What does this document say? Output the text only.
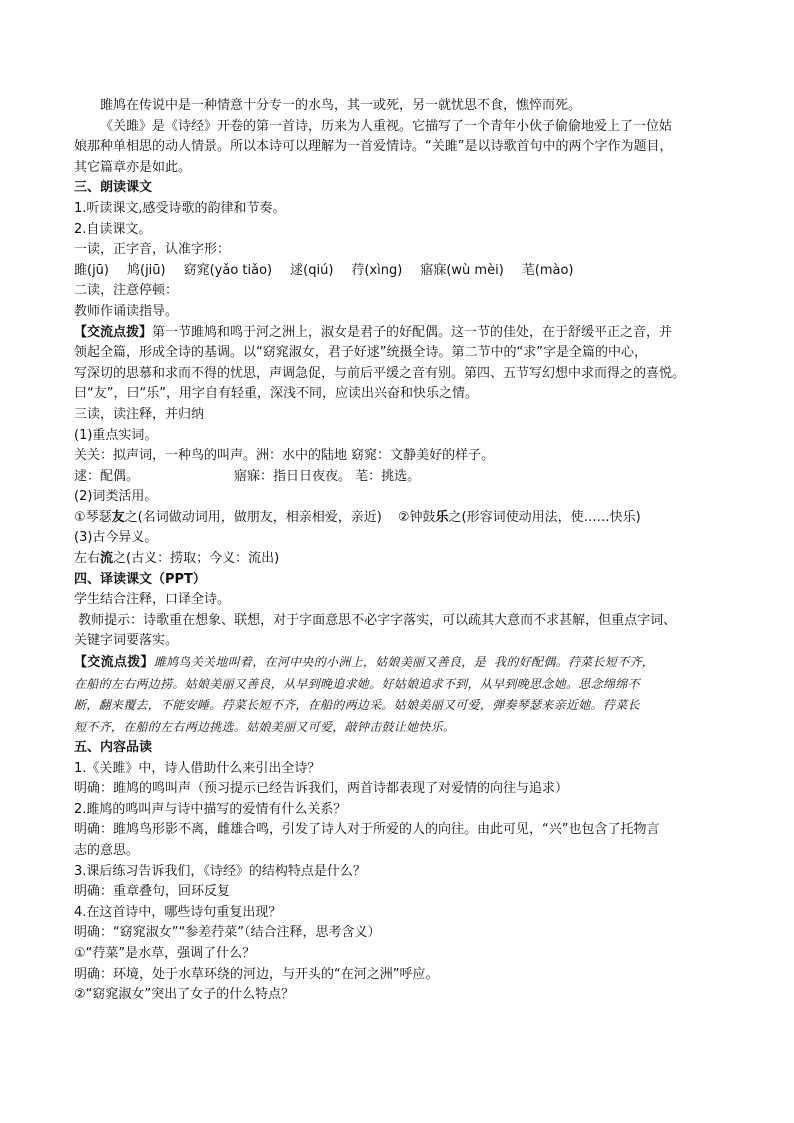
雎鸠在传说中是一种情意十分专一的水鸟，其一或死，另一就忧思不食，憔悴而死。
《关雎》是《诗经》开卷的第一首诗，历来为人重视。它描写了一个青年小伙子偷偷地爱上了一位姑
娘那种单相思的动人情景。所以本诗可以理解为一首爱情诗。“关雎”是以诗歌首句中的两个字作为题目，
其它篇章亦是如此。
三、朗读课文
1.听读课文,感受诗歌的韵律和节奏。
2.自读课文。
一读，正字音，认准字形：
雎(jū) 鸠(jiū) 窈窕(yǎo tiǎo) 逑(qiú) 荇(xìng) 寤寐(wù mèi) 芼(mào)
二读，注意停顿：
教师作诵读指导。
【交流点拨】第一节雎鸠和鸣于河之洲上，淑女是君子的好配偶。这一节的佳处，在于舒缓平正之音，并
领起全篇，形成全诗的基调。以“窈窕淑女，君子好逑”统摄全诗。第二节中的“求”字是全篇的中心，
写深切的思慕和求而不得的忧思，声调急促，与前后平缓之音有别。第四、五节写幻想中求而得之的喜悦。
曰“友”，曰“乐”，用字自有轻重，深浅不同，应读出兴奋和快乐之情。
三读，读注释，并归纳
(1)重点实词。
关关：拟声词，一种鸟的叫声。洲：水中的陆地 窈窕：文静美好的样子。
逑：配偶。	寤寐：指日日夜夜。 芼：挑选。
(2)词类活用。
①琴瑟友之(名词做动词用，做朋友，相亲相爱，亲近) ②钟鼓乐之(形容词使动用法，使……快乐)
(3)古今异义。
左右流之(古义：捞取；今义：流出)
四、译读课文（PPT）
学生结合注释，口译全诗。
教师提示：诗歌重在想象、联想，对于字面意思不必字字落实，可以疏其大意而不求甚解，但重点字词、
关键字词要落实。
【交流点拨】雎鸠鸟关关地叫着，在河中央的小洲上，姑娘美丽又善良，是  我的好配偶。荇菜长短不齐，
在船的左右两边捞。姑娘美丽又善良，从早到晚追求她。好姑娘追求不到，从早到晚思念她。思念绵绵不
断，翻来覆去，不能安睡。荇菜长短不齐，在船的两边采。姑娘美丽又可爱，弹奏琴瑟来亲近她。荇菜长
短不齐，在船的左右两边挑选。姑娘美丽又可爱，敲钟击鼓让她快乐。
五、内容品读
1.《关雎》中，诗人借助什么来引出全诗？
明确：雎鸠的鸣叫声（预习提示已经告诉我们，两首诗都表现了对爱情的向往与追求）
2.雎鸠的鸣叫声与诗中描写的爱情有什么关系？
明确：雎鸠鸟形影不离，雌雄合鸣，引发了诗人对于所爱的人的向往。由此可见，“兴”也包含了托物言
志的意思。
3.课后练习告诉我们，《诗经》的结构特点是什么？
明确：重章叠句，回环反复
4.在这首诗中，哪些诗句重复出现？
明确：“窈窕淑女”“参差荇菜”（结合注释，思考含义）
①“荇菜”是水草，强调了什么？
明确：环境，处于水草环绕的河边，与开头的“在河之洲”呼应。
②“窈窕淑女”突出了女子的什么特点？
